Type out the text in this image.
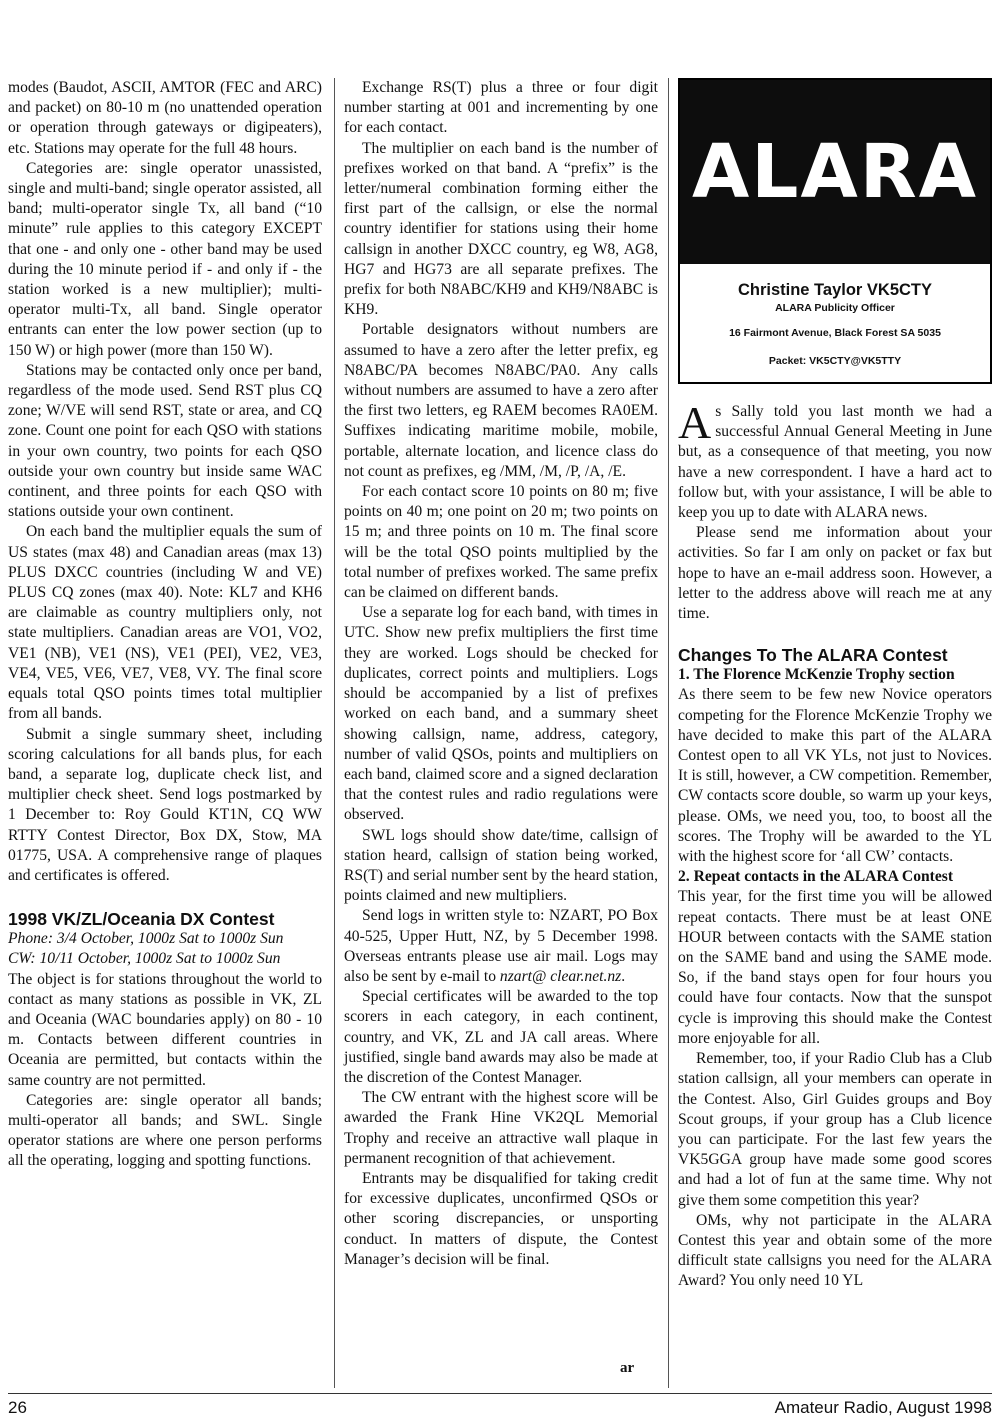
modes (Baudot, ASCII, AMTOR (FEC and ARC) and packet) on 80-10 m (no unattended operation or operation through gateways or digipeaters), etc. Stations may operate for the full 48 hours.

Categories are: single operator unassisted, single and multi-band; single operator assisted, all band; multi-operator single Tx, all band (“10 minute” rule applies to this category EXCEPT that one - and only one - other band may be used during the 10 minute period if - and only if - the station worked is a new multiplier); multi-operator multi-Tx, all band. Single operator entrants can enter the low power section (up to 150 W) or high power (more than 150 W).

Stations may be contacted only once per band, regardless of the mode used. Send RST plus CQ zone; W/VE will send RST, state or area, and CQ zone. Count one point for each QSO with stations in your own country, two points for each QSO outside your own country but inside same WAC continent, and three points for each QSO with stations outside your own continent.

On each band the multiplier equals the sum of US states (max 48) and Canadian areas (max 13) PLUS DXCC countries (including W and VE) PLUS CQ zones (max 40). Note: KL7 and KH6 are claimable as country multipliers only, not state multipliers. Canadian areas are VO1, VO2, VE1 (NB), VE1 (NS), VE1 (PEI), VE2, VE3, VE4, VE5, VE6, VE7, VE8, VY. The final score equals total QSO points times total multiplier from all bands.

Submit a single summary sheet, including scoring calculations for all bands plus, for each band, a separate log, duplicate check list, and multiplier check sheet. Send logs postmarked by 1 December to: Roy Gould KT1N, CQ WW RTTY Contest Director, Box DX, Stow, MA 01775, USA. A comprehensive range of plaques and certificates is offered.

1998 VK/ZL/Oceania DX Contest

Phone: 3/4 October, 1000z Sat to 1000z Sun

CW: 10/11 October, 1000z Sat to 1000z Sun

The object is for stations throughout the world to contact as many stations as possible in VK, ZL and Oceania (WAC boundaries apply) on 80 - 10 m. Contacts between different countries in Oceania are permitted, but contacts within the same country are not permitted.

Categories are: single operator all bands; multi-operator all bands; and SWL. Single operator stations are where one person performs all the operating, logging and spotting functions.

Exchange RS(T) plus a three or four digit number starting at 001 and incrementing by one for each contact.

The multiplier on each band is the number of prefixes worked on that band. A “prefix” is the letter/numeral combination forming either the first part of the callsign, or else the normal country identifier for stations using their home callsign in another DXCC country, eg W8, AG8, HG7 and HG73 are all separate prefixes. The prefix for both N8ABC/KH9 and KH9/N8ABC is KH9.

Portable designators without numbers are assumed to have a zero after the letter prefix, eg N8ABC/PA becomes N8ABC/PA0. Any calls without numbers are assumed to have a zero after the first two letters, eg RAEM becomes RA0EM. Suffixes indicating maritime mobile, mobile, portable, alternate location, and licence class do not count as prefixes, eg /MM, /M, /P, /A, /E.

For each contact score 10 points on 80 m; five points on 40 m; one point on 20 m; two points on 15 m; and three points on 10 m. The final score will be the total QSO points multiplied by the total number of prefixes worked. The same prefix can be claimed on different bands.

Use a separate log for each band, with times in UTC. Show new prefix multipliers the first time they are worked. Logs should be checked for duplicates, correct points and multipliers. Logs should be accompanied by a list of prefixes worked on each band, and a summary sheet showing callsign, name, address, category, number of valid QSOs, points and multipliers on each band, claimed score and a signed declaration that the contest rules and radio regulations were observed.

SWL logs should show date/time, callsign of station heard, callsign of station being worked, RS(T) and serial number sent by the heard station, points claimed and new multipliers.

Send logs in written style to: NZART, PO Box 40-525, Upper Hutt, NZ, by 5 December 1998. Overseas entrants please use air mail. Logs may also be sent by e-mail to nzart@ clear.net.nz.

Special certificates will be awarded to the top scorers in each category, in each continent, country, and VK, ZL and JA call areas. Where justified, single band awards may also be made at the discretion of the Contest Manager.

The CW entrant with the highest score will be awarded the Frank Hine VK2QL Memorial Trophy and receive an attractive wall plaque in permanent recognition of that achievement.

Entrants may be disqualified for taking credit for excessive duplicates, unconfirmed QSOs or other scoring discrepancies, or unsporting conduct. In matters of dispute, the Contest Manager’s decision will be final.

ar
ALARA
Christine Taylor VK5CTY
ALARA Publicity Officer
16 Fairmont Avenue, Black Forest SA 5035
Packet: VK5CTY@VK5TTY

As Sally told you last month we had a successful Annual General Meeting in June but, as a consequence of that meeting, you now have a new correspondent. I have a hard act to follow but, with your assistance, I will be able to keep you up to date with ALARA news.

Please send me information about your activities. So far I am only on packet or fax but hope to have an e-mail address soon. However, a letter to the address above will reach me at any time.

Changes To The ALARA Contest

1. The Florence McKenzie Trophy section

As there seem to be few new Novice operators competing for the Florence McKenzie Trophy we have decided to make this part of the ALARA Contest open to all VK YLs, not just to Novices. It is still, however, a CW competition. Remember, CW contacts score double, so warm up your keys, please. OMs, we need you, too, to boost all the scores. The Trophy will be awarded to the YL with the highest score for ‘all CW’ contacts.

2. Repeat contacts in the ALARA Contest

This year, for the first time you will be allowed repeat contacts. There must be at least ONE HOUR between contacts with the SAME station on the SAME band and using the SAME mode. So, if the band stays open for four hours you could have four contacts. Now that the sunspot cycle is improving this should make the Contest more enjoyable for all.

Remember, too, if your Radio Club has a Club station callsign, all your members can operate in the Contest. Also, Girl Guides groups and Boy Scout groups, if your group has a Club licence you can participate. For the last few years the VK5GGA group have made some good scores and had a lot of fun at the same time. Why not give them some competition this year?

OMs, why not participate in the ALARA Contest this year and obtain some of the more difficult state callsigns you need for the ALARA Award? You only need 10 YL

26	Amateur Radio, August 1998
